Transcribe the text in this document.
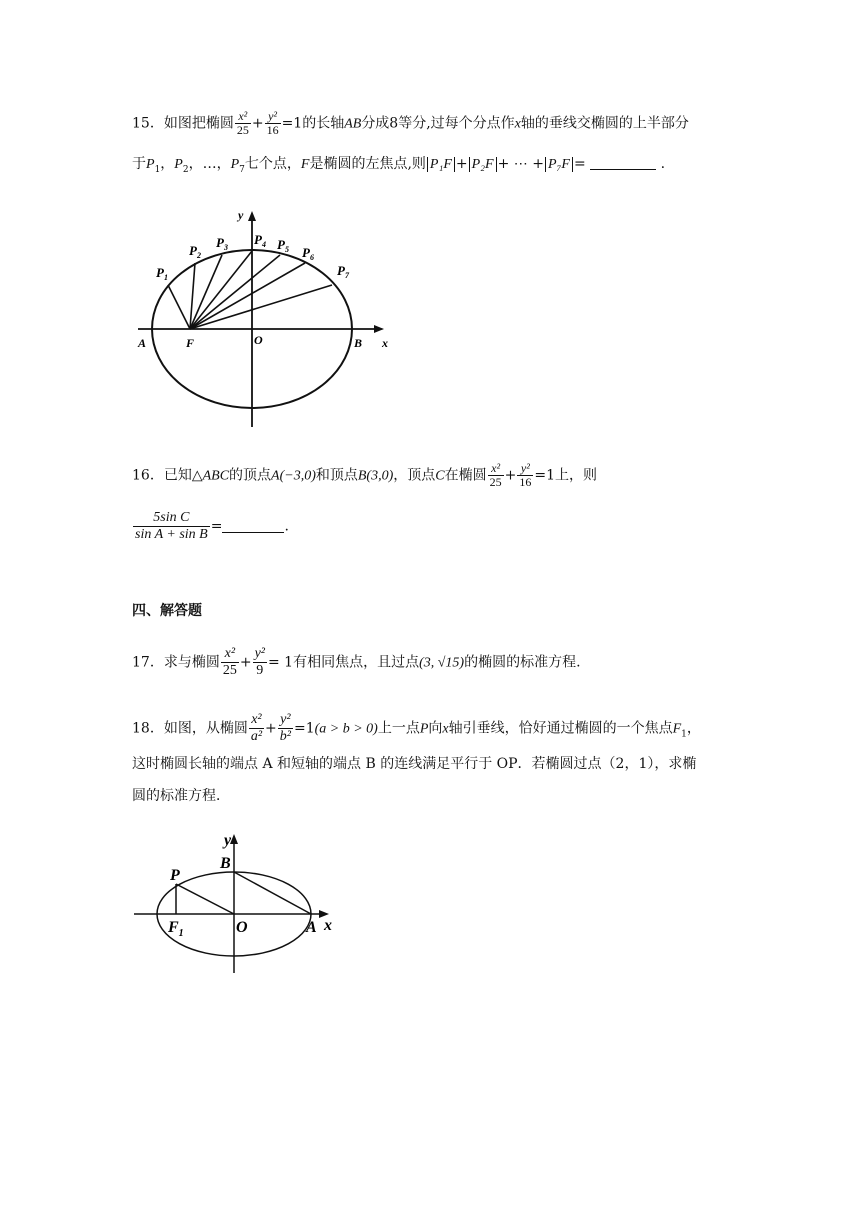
15．如图把椭圆 $\frac{\text{x²}}{25} + \frac{\text{y²}}{16} =1$的长轴AB分成8等分,过每个分点作x轴的垂线交椭圆的上半部分
于$P_1$，$P_2$，…，$P_7$七个点，F是椭圆的左焦点,则 P₁F + P₂F + ⋯ + P₇F =	.
$P_1$
$P_2$
$P_3$
$P_4$ $P_5$ $P_6$
$P_7$
A	F	O	B x
y
16．已知△ABC的顶点A(−3,0)和顶点B(3,0)，顶点C在椭圆 $\frac{\text{x²}}{25} + \frac{\text{y²}}{16} =1$上，则
$\frac{\text{5sin C}}{\text{sin A + sin B}}$ =	.
四、解答题
17．求与椭圆 $\frac{\text{x²}}{25} + \frac{\text{y²}}{9} = 1$有相同焦点，且过点(3, √15)的椭圆的标准方程.
18．如图，从椭圆 $\frac{\text{x²}}{\text{a²}} + \frac{\text{y²}}{\text{b²}} =1(a > b > 0)$上一点P向x轴引垂线，恰好通过椭圆的一个焦点$F_1$，
这时椭圆长轴的端点 A 和短轴的端点 B 的连线满足平行于 OP．若椭圆过点（2，1），求椭
圆的标准方程．
y
B
P
$F_1$	O	A x
